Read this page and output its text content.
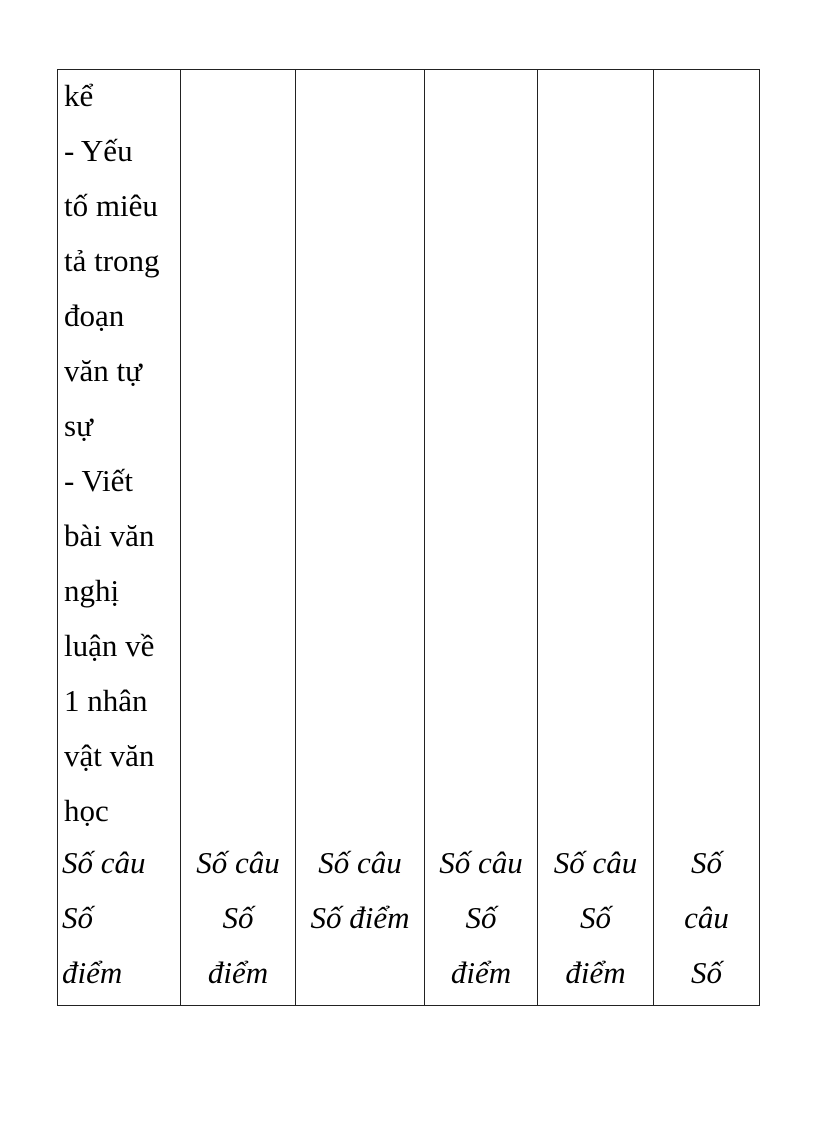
kể
- Yếu
tố miêu
tả trong
đoạn
văn tự
sự
- Viết
bài văn
nghị
luận về
1 nhân
vật văn
học
Số câu
Số
điểm
Số câu
Số
điểm
Số câu
Số điểm
Số câu
Số
điểm
Số câu
Số
điểm
Số
câu
Số
